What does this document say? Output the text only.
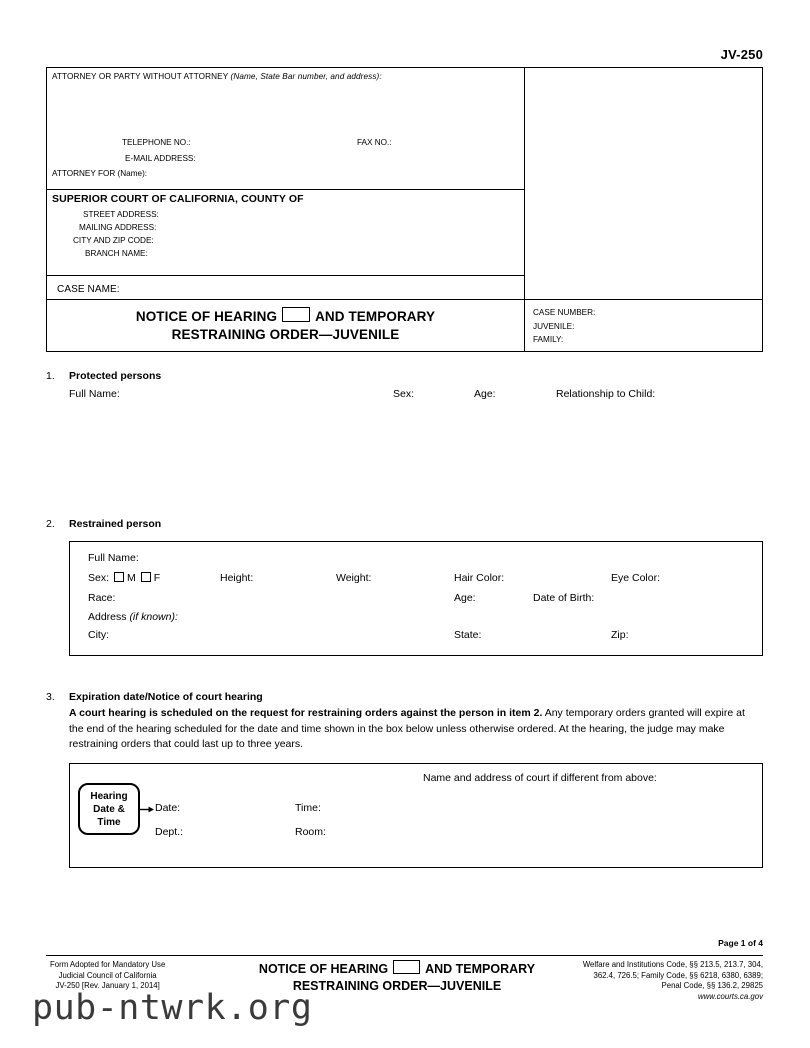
JV-250
ATTORNEY OR PARTY WITHOUT ATTORNEY (Name, State Bar number, and address):
TELEPHONE NO.:	FAX NO.:
E-MAIL ADDRESS:
ATTORNEY FOR (Name):
SUPERIOR COURT OF CALIFORNIA, COUNTY OF
STREET ADDRESS:
MAILING ADDRESS:
CITY AND ZIP CODE:
BRANCH NAME:
CASE NAME:
NOTICE OF HEARING	AND TEMPORARY
RESTRAINING ORDER—JUVENILE
CASE NUMBER:
JUVENILE:
FAMILY:
1. Protected persons
Full Name:	Sex:	Age:	Relationship to Child:
2. Restrained person
Full Name:
Sex: M F	Height:	Weight:	Hair Color:	Eye Color:
Race:	Age:	Date of Birth:
Address (if known):
City:	State:	Zip:
3. Expiration date/Notice of court hearing
A court hearing is scheduled on the request for restraining orders against the person in item 2. Any temporary orders granted will expire at the end of the hearing scheduled for the date and time shown in the box below unless otherwise ordered. At the hearing, the judge may make restraining orders that could last up to three years.
Hearing
Date &
Time
Name and address of court if different from above:
Date:	Time:
Dept.:	Room:
Page 1 of 4
Form Adopted for Mandatory Use
Judicial Council of California
JV-250 [Rev. January 1, 2014]
NOTICE OF HEARING	AND TEMPORARY
RESTRAINING ORDER—JUVENILE
Welfare and Institutions Code, §§ 213.5, 213.7, 304,
362.4, 726.5; Family Code, §§ 6218, 6380, 6389;
Penal Code, §§ 136.2, 29825
www.courts.ca.gov
pub-ntwrk.org
